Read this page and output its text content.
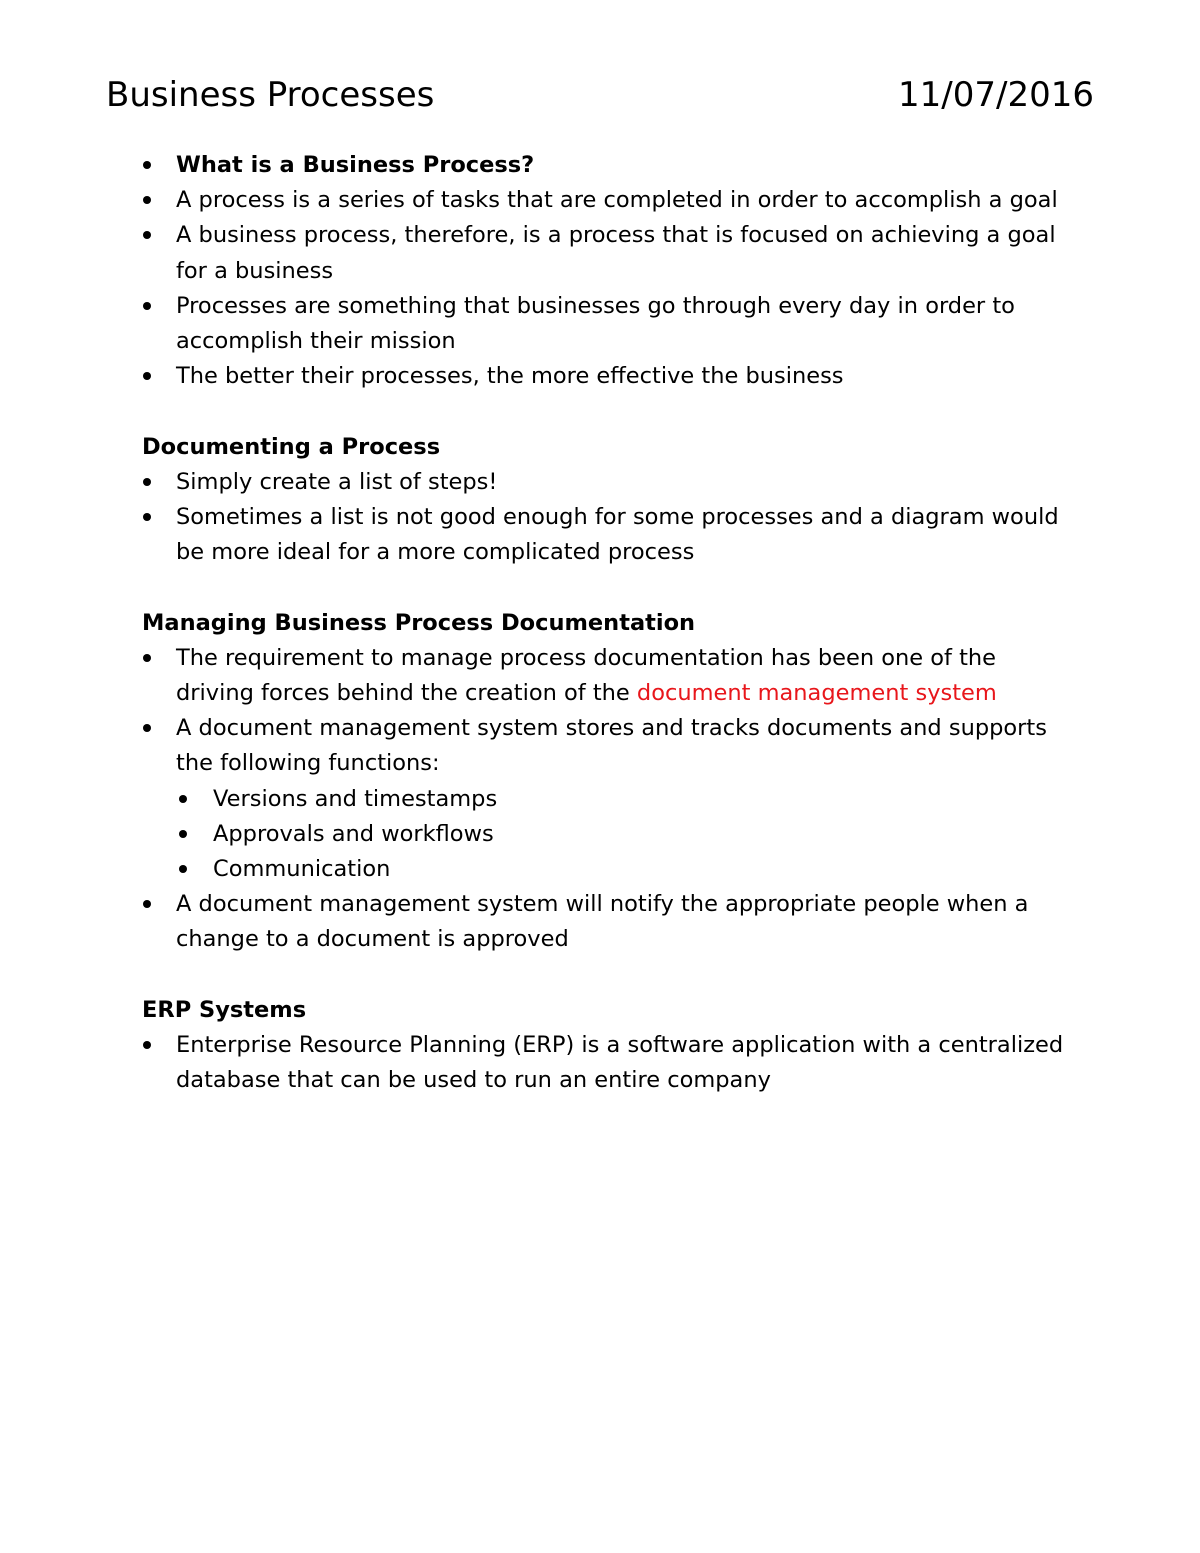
Business Processes	11/07/2016
What is a Business Process?
A process is a series of tasks that are completed in order to accomplish a goal
A business process, therefore, is a process that is focused on achieving a goal for a business
Processes are something that businesses go through every day in order to accomplish their mission
The better their processes, the more effective the business
Documenting a Process
Simply create a list of steps!
Sometimes a list is not good enough for some processes and a diagram would be more ideal for a more complicated process
Managing Business Process Documentation
The requirement to manage process documentation has been one of the driving forces behind the creation of the document management system
A document management system stores and tracks documents and supports the following functions:
Versions and timestamps
Approvals and workflows
Communication
A document management system will notify the appropriate people when a change to a document is approved
ERP Systems
Enterprise Resource Planning (ERP) is a software application with a centralized database that can be used to run an entire company
